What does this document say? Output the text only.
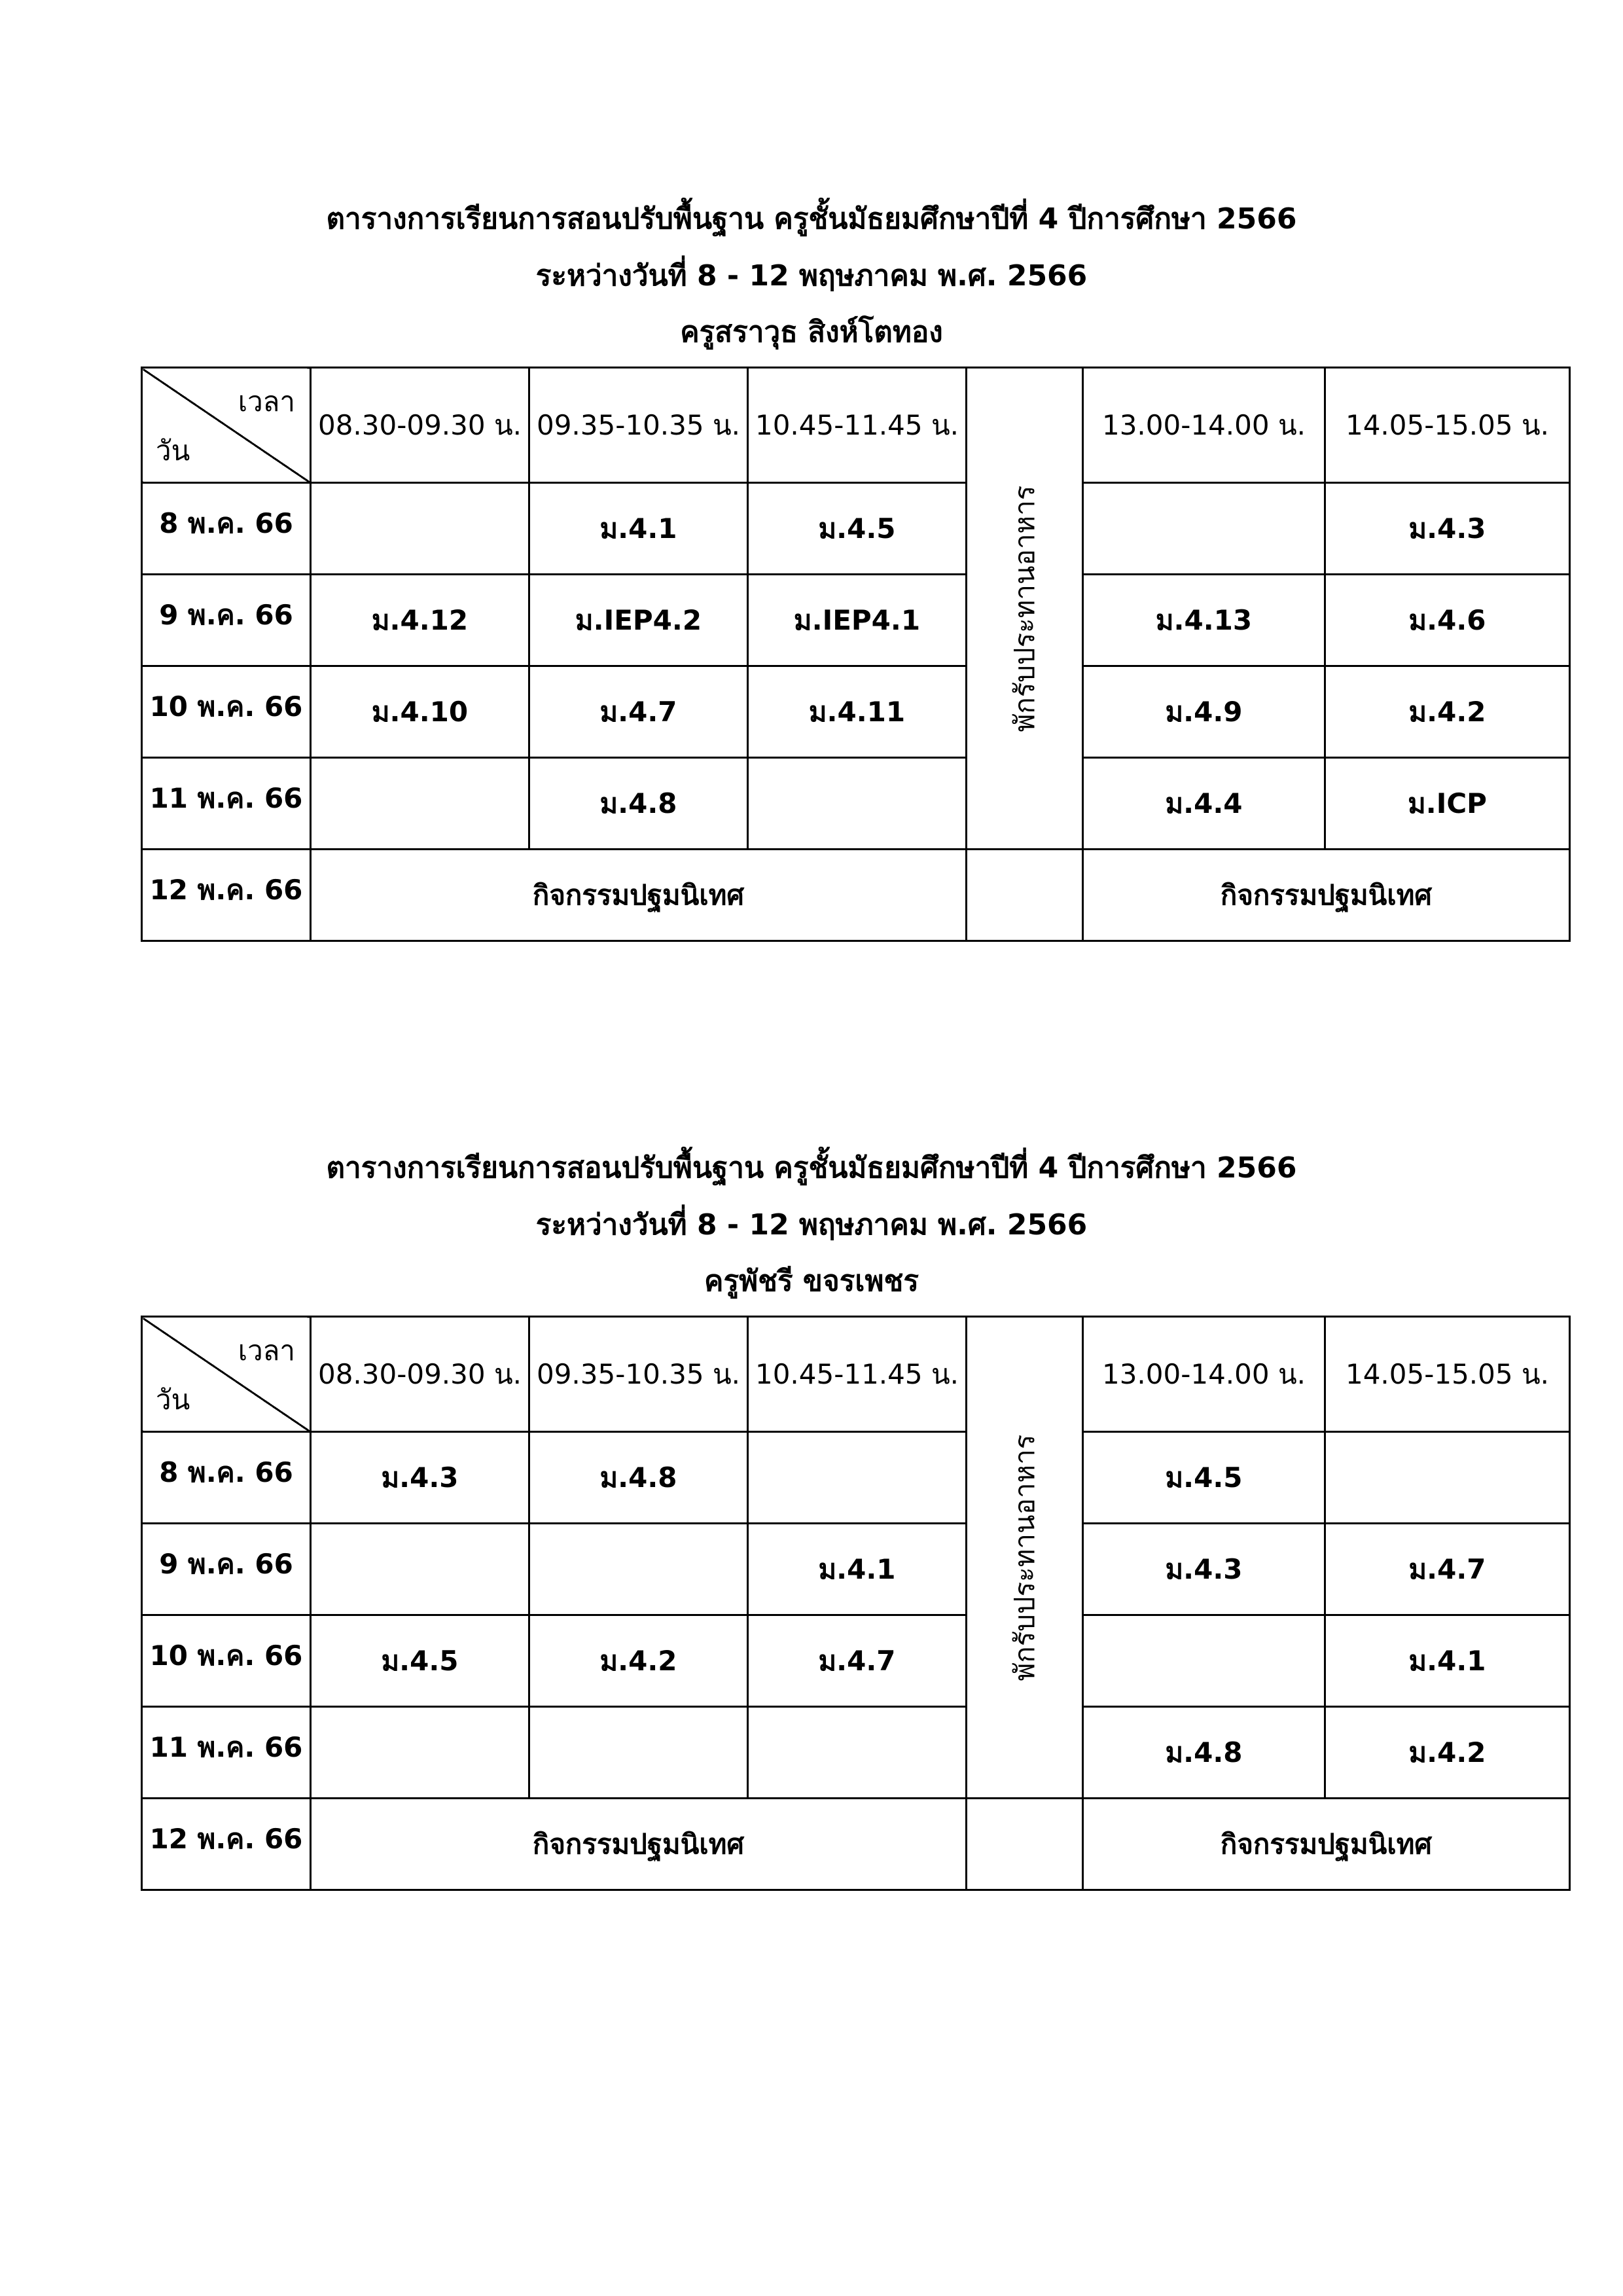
ตารางการเรียนการสอนปรับพื้นฐาน ครูชั้นมัธยมศึกษาปีที่ 4 ปีการศึกษา 2566
ระหว่างวันที่ 8 - 12 พฤษภาคม พ.ศ. 2566
ครูสราวุธ สิงห์โตทอง
เวลา
วัน	08.30-09.30 น.	09.35-10.35 น.	10.45-11.45 น.	พักรับประทานอาหาร	13.00-14.00 น.	14.05-15.05 น.
8 พ.ค. 66		ม.4.1	ม.4.5			ม.4.3
9 พ.ค. 66	ม.4.12	ม.IEP4.2	ม.IEP4.1		ม.4.13	ม.4.6
10 พ.ค. 66	ม.4.10	ม.4.7	ม.4.11		ม.4.9	ม.4.2
11 พ.ค. 66		ม.4.8			ม.4.4	ม.ICP
12 พ.ค. 66	กิจกรรมปฐมนิเทศ				กิจกรรมปฐมนิเทศ	
ตารางการเรียนการสอนปรับพื้นฐาน ครูชั้นมัธยมศึกษาปีที่ 4 ปีการศึกษา 2566
ระหว่างวันที่ 8 - 12 พฤษภาคม พ.ศ. 2566
ครูพัชรี ขจรเพชร
เวลา
วัน	08.30-09.30 น.	09.35-10.35 น.	10.45-11.45 น.	พักรับประทานอาหาร	13.00-14.00 น.	14.05-15.05 น.
8 พ.ค. 66	ม.4.3	ม.4.8			ม.4.5	
9 พ.ค. 66			ม.4.1		ม.4.3	ม.4.7
10 พ.ค. 66	ม.4.5	ม.4.2	ม.4.7			ม.4.1
11 พ.ค. 66					ม.4.8	ม.4.2
12 พ.ค. 66	กิจกรรมปฐมนิเทศ				กิจกรรมปฐมนิเทศ	
